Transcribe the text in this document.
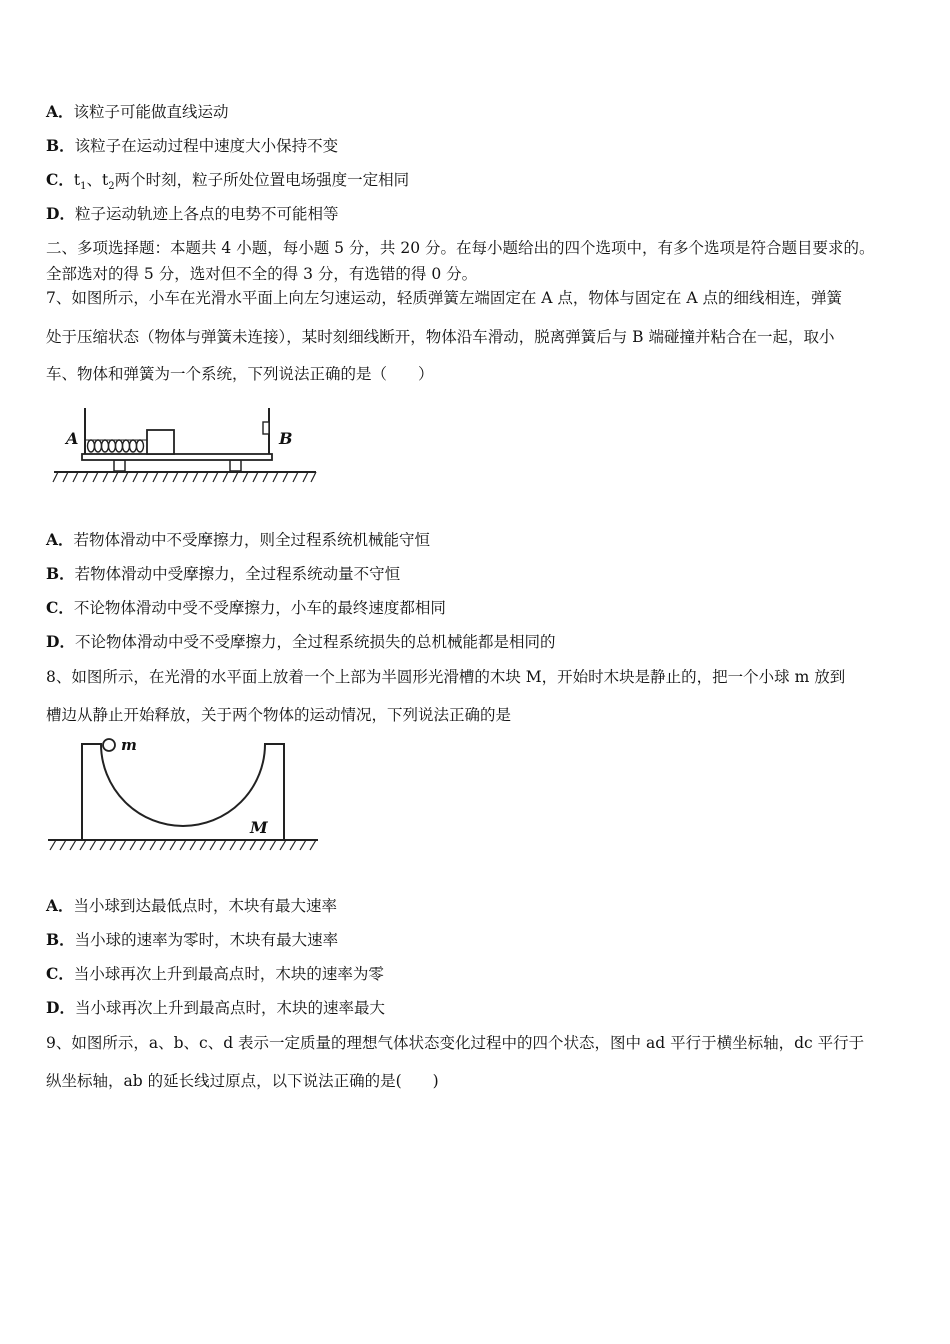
A．该粒子可能做直线运动
B．该粒子在运动过程中速度大小保持不变
C．$t_1$、$t_2$两个时刻，粒子所处位置电场强度一定相同
D．粒子运动轨迹上各点的电势不可能相等
二、多项选择题：本题共 4 小题，每小题 5 分，共 20 分。在每小题给出的四个选项中，有多个选项是符合题目要求的。
全部选对的得 5 分，选对但不全的得 3 分，有选错的得 0 分。
7、如图所示，小车在光滑水平面上向左匀速运动，轻质弹簧左端固定在 A 点，物体与固定在 A 点的细线相连，弹簧
处于压缩状态（物体与弹簧未连接），某时刻细线断开，物体沿车滑动，脱离弹簧后与 B 端碰撞并粘合在一起，取小
车、物体和弹簧为一个系统，下列说法正确的是（　　）
A	B
A．若物体滑动中不受摩擦力，则全过程系统机械能守恒
B．若物体滑动中受摩擦力，全过程系统动量不守恒
C．不论物体滑动中受不受摩擦力，小车的最终速度都相同
D．不论物体滑动中受不受摩擦力，全过程系统损失的总机械能都是相同的
8、如图所示，在光滑的水平面上放着一个上部为半圆形光滑槽的木块 M，开始时木块是静止的，把一个小球 m 放到
槽边从静止开始释放，关于两个物体的运动情况，下列说法正确的是
m
M
A．当小球到达最低点时，木块有最大速率
B．当小球的速率为零时，木块有最大速率
C．当小球再次上升到最高点时，木块的速率为零
D．当小球再次上升到最高点时，木块的速率最大
9、如图所示，a、b、c、d 表示一定质量的理想气体状态变化过程中的四个状态，图中 ad 平行于横坐标轴，dc 平行于
纵坐标轴，ab 的延长线过原点，以下说法正确的是(　　)
